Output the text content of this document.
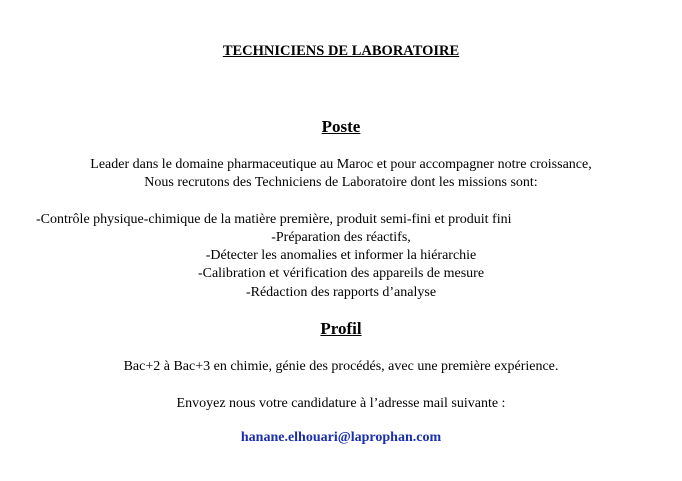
TECHNICIENS DE LABORATOIRE
Poste
Leader dans le domaine pharmaceutique au Maroc et pour accompagner notre croissance,
Nous recrutons des Techniciens de Laboratoire dont les missions sont:
-Contrôle physique-chimique de la matière première, produit semi-fini et produit fini
-Préparation des réactifs,
-Détecter les anomalies et informer la hiérarchie
-Calibration et vérification des appareils de mesure
-Rédaction des rapports d’analyse
Profil
Bac+2 à Bac+3 en chimie, génie des procédés, avec une première expérience.
Envoyez nous votre candidature à l’adresse mail suivante :
hanane.elhouari@laprophan.com
